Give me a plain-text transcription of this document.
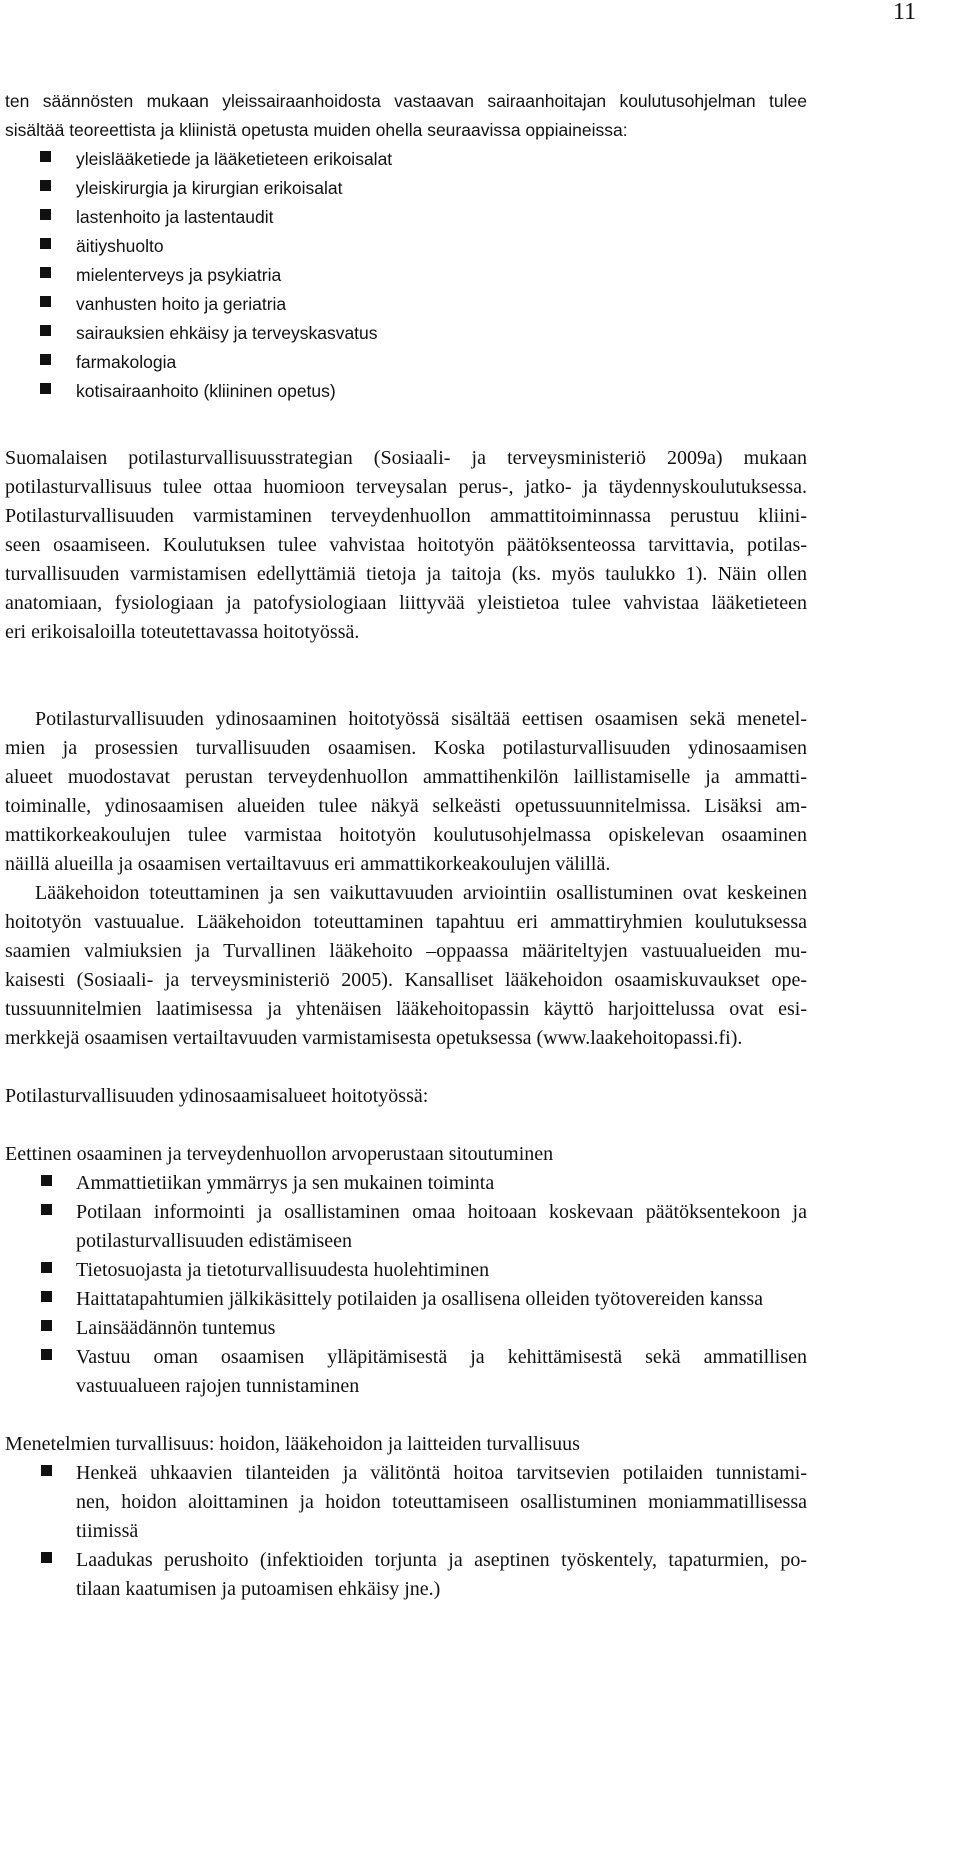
11
ten säännösten mukaan yleissairaanhoidosta vastaavan sairaanhoitajan koulutusohjelman tulee
sisältää teoreettista ja kliinistä opetusta muiden ohella seuraavissa oppiaineissa:
yleislääketiede ja lääketieteen erikoisalat
yleiskirurgia ja kirurgian erikoisalat
lastenhoito ja lastentaudit
äitiyshuolto
mielenterveys ja psykiatria
vanhusten hoito ja geriatria
sairauksien ehkäisy ja terveyskasvatus
farmakologia
kotisairaanhoito (kliininen opetus)
Suomalaisen potilasturvallisuusstrategian (Sosiaali- ja terveysministeriö 2009a) mukaan
potilasturvallisuus tulee ottaa huomioon terveysalan perus-, jatko- ja täydennyskoulutuksessa.
Potilasturvallisuuden varmistaminen terveydenhuollon ammattitoiminnassa perustuu kliini-
seen osaamiseen. Koulutuksen tulee vahvistaa hoitotyön päätöksenteossa tarvittavia, potilas-
turvallisuuden varmistamisen edellyttämiä tietoja ja taitoja (ks. myös taulukko 1). Näin ollen
anatomiaan, fysiologiaan ja patofysiologiaan liittyvää yleistietoa tulee vahvistaa lääketieteen
eri erikoisaloilla toteutettavassa hoitotyössä.
Potilasturvallisuuden ydinosaaminen hoitotyössä sisältää eettisen osaamisen sekä menetel-
mien ja prosessien turvallisuuden osaamisen. Koska potilasturvallisuuden ydinosaamisen
alueet muodostavat perustan terveydenhuollon ammattihenkilön laillistamiselle ja ammatti-
toiminalle, ydinosaamisen alueiden tulee näkyä selkeästi opetussuunnitelmissa. Lisäksi am-
mattikorkeakoulujen tulee varmistaa hoitotyön koulutusohjelmassa opiskelevan osaaminen
näillä alueilla ja osaamisen vertailtavuus eri ammattikorkeakoulujen välillä.
Lääkehoidon toteuttaminen ja sen vaikuttavuuden arviointiin osallistuminen ovat keskeinen
hoitotyön vastuualue. Lääkehoidon toteuttaminen tapahtuu eri ammattiryhmien koulutuksessa
saamien valmiuksien ja Turvallinen lääkehoito –oppaassa määriteltyjen vastuualueiden mu-
kaisesti (Sosiaali- ja terveysministeriö 2005). Kansalliset lääkehoidon osaamiskuvaukset ope-
tussuunnitelmien laatimisessa ja yhtenäisen lääkehoitopassin käyttö harjoittelussa ovat esi-
merkkejä osaamisen vertailtavuuden varmistamisesta opetuksessa (www.laakehoitopassi.fi).
Potilasturvallisuuden ydinosaamisalueet hoitotyössä:
Eettinen osaaminen ja terveydenhuollon arvoperustaan sitoutuminen
Ammattietiikan ymmärrys ja sen mukainen toiminta
Potilaan informointi ja osallistaminen omaa hoitoaan koskevaan päätöksentekoon ja
potilasturvallisuuden edistämiseen
Tietosuojasta ja tietoturvallisuudesta huolehtiminen
Haittatapahtumien jälkikäsittely potilaiden ja osallisena olleiden työtovereiden kanssa
Lainsäädännön tuntemus
Vastuu oman osaamisen ylläpitämisestä ja kehittämisestä sekä ammatillisen
vastuualueen rajojen tunnistaminen
Menetelmien turvallisuus: hoidon, lääkehoidon ja laitteiden turvallisuus
Henkeä uhkaavien tilanteiden ja välitöntä hoitoa tarvitsevien potilaiden tunnistami-
nen, hoidon aloittaminen ja hoidon toteuttamiseen osallistuminen moniammatillisessa
tiimissä
Laadukas perushoito (infektioiden torjunta ja aseptinen työskentely, tapaturmien, po-
tilaan kaatumisen ja putoamisen ehkäisy jne.)
